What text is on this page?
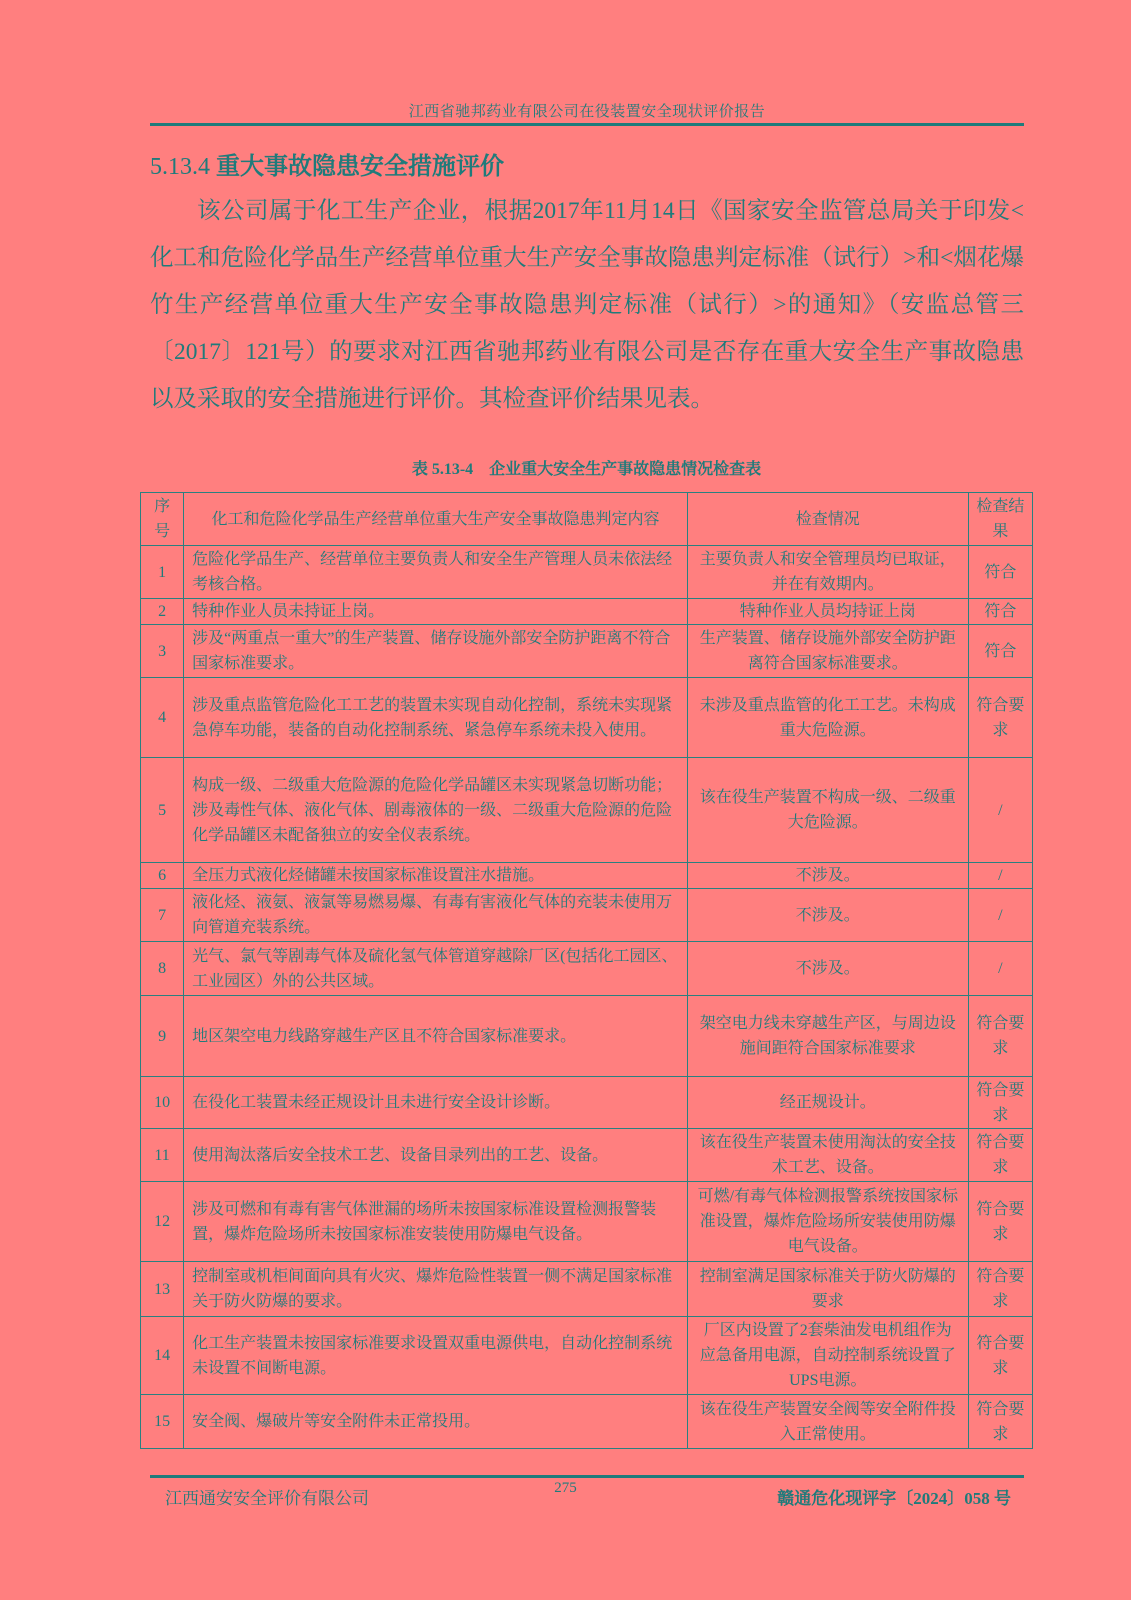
江西省驰邦药业有限公司在役装置安全现状评价报告
5.13.4 重大事故隐患安全措施评价

该公司属于化工生产企业，根据2017年11月14日《国家安全监管总局关于印发<化工和危险化学品生产经营单位重大生产安全事故隐患判定标准（试行）>和<烟花爆竹生产经营单位重大生产安全事故隐患判定标准（试行）>的通知》（安监总管三〔2017〕121号）的要求对江西省驰邦药业有限公司是否存在重大安全生产事故隐患以及采取的安全措施进行评价。其检查评价结果见表。

表 5.13-4　企业重大安全生产事故隐患情况检查表
序号	化工和危险化学品生产经营单位重大生产安全事故隐患判定内容	检查情况	检查结果
1	危险化学品生产、经营单位主要负责人和安全生产管理人员未依法经考核合格。	主要负责人和安全管理员均已取证，并在有效期内。	符合
2	特种作业人员未持证上岗。	特种作业人员均持证上岗	符合
3	涉及“两重点一重大”的生产装置、储存设施外部安全防护距离不符合国家标准要求。	生产装置、储存设施外部安全防护距离符合国家标准要求。	符合
4	涉及重点监管危险化工工艺的装置未实现自动化控制，系统未实现紧急停车功能，装备的自动化控制系统、紧急停车系统未投入使用。	未涉及重点监管的化工工艺。未构成重大危险源。	符合要求
5	构成一级、二级重大危险源的危险化学品罐区未实现紧急切断功能；涉及毒性气体、液化气体、剧毒液体的一级、二级重大危险源的危险化学品罐区未配备独立的安全仪表系统。	该在役生产装置不构成一级、二级重大危险源。	/
6	全压力式液化烃储罐未按国家标准设置注水措施。	不涉及。	/
7	液化烃、液氨、液氯等易燃易爆、有毒有害液化气体的充装未使用万向管道充装系统。	不涉及。	/
8	光气、氯气等剧毒气体及硫化氢气体管道穿越除厂区(包括化工园区、工业园区）外的公共区域。	不涉及。	/
9	地区架空电力线路穿越生产区且不符合国家标准要求。	架空电力线未穿越生产区，与周边设施间距符合国家标准要求	符合要求
10	在役化工装置未经正规设计且未进行安全设计诊断。	经正规设计。	符合要求
11	使用淘汰落后安全技术工艺、设备目录列出的工艺、设备。	该在役生产装置未使用淘汰的安全技术工艺、设备。	符合要求
12	涉及可燃和有毒有害气体泄漏的场所未按国家标准设置检测报警装置，爆炸危险场所未按国家标准安装使用防爆电气设备。	可燃/有毒气体检测报警系统按国家标准设置，爆炸危险场所安装使用防爆电气设备。	符合要求
13	控制室或机柜间面向具有火灾、爆炸危险性装置一侧不满足国家标准关于防火防爆的要求。	控制室满足国家标准关于防火防爆的要求	符合要求
14	化工生产装置未按国家标准要求设置双重电源供电，自动化控制系统未设置不间断电源。	厂区内设置了2套柴油发电机组作为应急备用电源，自动控制系统设置了UPS电源。	符合要求
15	安全阀、爆破片等安全附件未正常投用。	该在役生产装置安全阀等安全附件投入正常使用。	符合要求
江西通安安全评价有限公司
275
赣通危化现评字〔2024〕058 号
